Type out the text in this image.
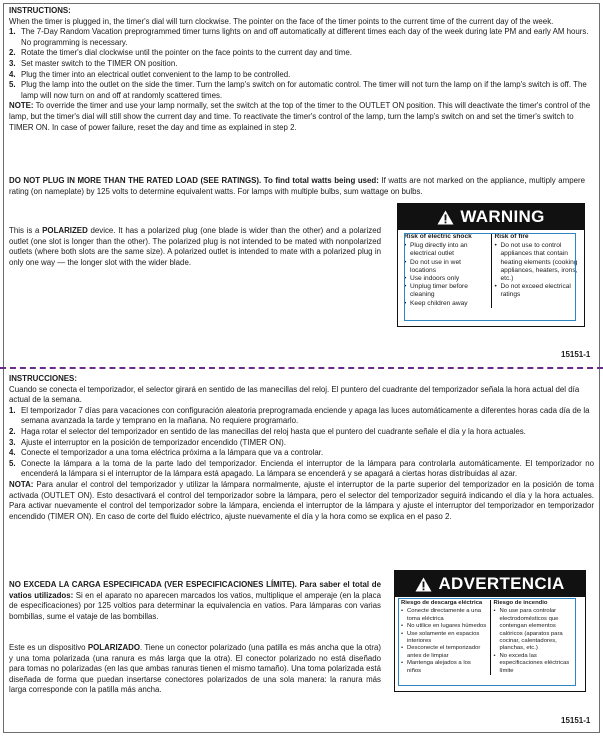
INSTRUCTIONS:

When the timer is plugged in, the timer's dial will turn clockwise. The pointer on the face of the timer points to the current time of the current day of the week.

1. The 7-Day Random Vacation preprogrammed timer turns lights on and off automatically at different times each day of the week during late PM and early AM hours. No programming is necessary.
2. Rotate the timer's dial clockwise until the pointer on the face points to the current day and time.
3. Set master switch to the TIMER ON position.
4. Plug the timer into an electrical outlet convenient to the lamp to be controlled.
5. Plug the lamp into the outlet on the side the timer. Turn the lamp's switch on for automatic control. The timer will not turn the lamp on if the lamp's switch is off. The lamp will now turn on and off at randomly scattered times.

NOTE: To override the timer and use your lamp normally, set the switch at the top of the timer to the OUTLET ON position. This will deactivate the timer's control of the lamp, but the timer's dial will still show the current day and time. To reactivate the timer's control of the lamp, turn the lamp's switch on and set the timer's switch to TIMER ON. In case of power failure, reset the day and time as explained in step 2.

DO NOT PLUG IN MORE THAN THE RATED LOAD (SEE RATINGS). To find total watts being used: If watts are not marked on the appliance, multiply ampere rating (on nameplate) by 125 volts to determine equivalent watts. For lamps with multiple bulbs, sum wattage on bulbs.
This is a POLARIZED device. It has a polarized plug (one blade is wider than the other) and a polarized outlet (one slot is longer than the other). The polarized plug is not intended to be mated with nonpolarized outlets (where both slots are the same size). A polarized outlet is intended to mate with a polarized plug in only one way — the longer slot with the wider blade.
WARNING
Risk of electric shock
• Plug directly into an electrical outlet
• Do not use in wet locations
• Use indoors only
• Unplug timer before cleaning
• Keep children away
Risk of fire
• Do not use to control appliances that contain heating elements (cooking appliances, heaters, irons, etc.)
• Do not exceed electrical ratings
15151-1

INSTRUCCIONES:

Cuando se conecta el temporizador, el selector girará en sentido de las manecillas del reloj. El puntero del cuadrante del temporizador señala la hora actual del día actual de la semana.

1. El temporizador 7 días para vacaciones con configuración aleatoria preprogramada enciende y apaga las luces automáticamente a diferentes horas cada día de la semana avanzada la tarde y temprano en la mañana. No requiere programarlo.
2. Haga rotar el selector del temporizador en sentido de las manecillas del reloj hasta que el puntero del cuadrante señale el día y la hora actuales.
3. Ajuste el interruptor en la posición de temporizador encendido (TIMER ON).
4. Conecte el temporizador a una toma eléctrica próxima a la lámpara que va a controlar.
5. Conecte la lámpara a la toma de la parte lado del temporizador. Encienda el interruptor de la lámpara para controlarla automáticamente. El temporizador no encenderá la lámpara si el interruptor de la lámpara está apagado. La lámpara se encenderá y se apagará a ciertas horas distribuidas al azar.

NOTA: Para anular el control del temporizador y utilizar la lámpara normalmente, ajuste el interruptor de la parte superior del temporizador en la posición de toma activada (OUTLET ON). Esto desactivará el control del temporizador sobre la lámpara, pero el selector del temporizador seguirá indicando el día y la hora actuales. Para activar nuevamente el control del temporizador sobre la lámpara, encienda el interruptor de la lámpara y ajuste el interruptor del temporizador en temporizador encendido (TIMER ON). En caso de corte del fluido eléctrico, ajuste nuevamente el día y la hora como se explica en el paso 2.

NO EXCEDA LA CARGA ESPECIFICADA (VER ESPECIFICACIONES LÍMITE). Para saber el total de vatios utilizados: Si en el aparato no aparecen marcados los vatios, multiplique el amperaje (en la placa de especificaciones) por 125 voltios para determinar la equivalencia en vatios. Para lámparas con varias bombillas, sume el vataje de las bombillas.
Este es un dispositivo POLARIZADO. Tiene un conector polarizado (una patilla es más ancha que la otra) y una toma polarizada (una ranura es más larga que la otra). El conector polarizado no está diseñado para tomas no polarizadas (en las que ambas ranuras tienen el mismo tamaño). Una toma polarizada está diseñada de forma que puedan insertarse conectores polarizados de una sola manera: la ranura más larga corresponde con la patilla más ancha.
ADVERTENCIA
Riesgo de descarga eléctrica
• Conecte directamente a una toma eléctrica
• No utilice en lugares húmedos
• Use solamente en espacios interiores
• Desconecte el temporizador antes de limpiar
• Mantenga alejados a los niños
Riesgo de incendio
• No use para controlar electrodomésticos que contengan elementos calóricos (aparatos para cocinar, calentadores, planchas, etc.)
• No exceda las especificaciones eléctricas límite
15151-1
